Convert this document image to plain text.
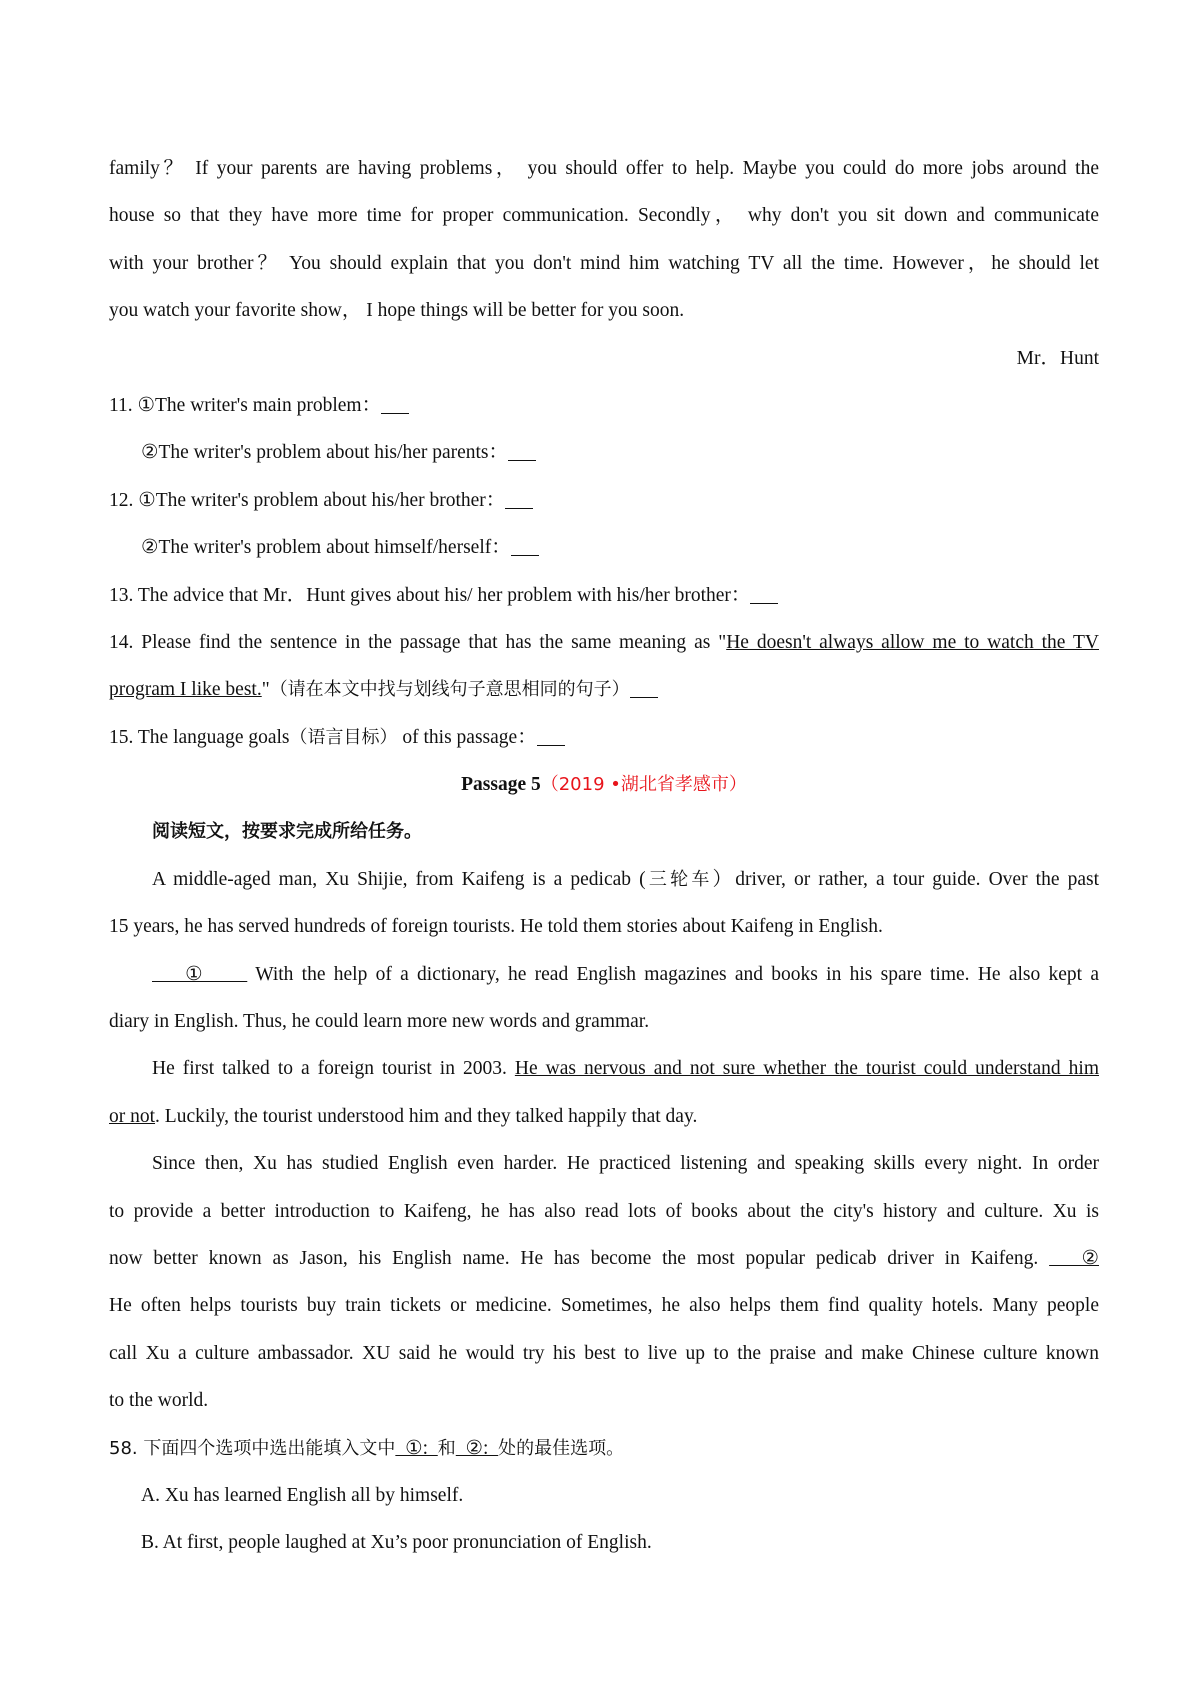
family？ If your parents are having problems， you should offer to help. Maybe you could do more jobs around the
house so that they have more time for proper communication. Secondly， why don't you sit down and communicate
with your brother？ You should explain that you don't mind him watching TV all the time. However，he should let
you watch your favorite show， I hope things will be better for you soon.
Mr．Hunt
11. ①The writer's main problem：
②The writer's problem about his/her parents：
12. ①The writer's problem about his/her brother：
②The writer's problem about himself/herself：
13. The advice that Mr．Hunt gives about his/ her problem with his/her brother：
14. Please find the sentence in the passage that has the same meaning as "He doesn't always allow me to watch the TV
program I like best."（请在本文中找与划线句子意思相同的句子）
15. The language goals（语言目标） of this passage：
Passage 5（2019 •湖北省孝感市）
阅读短文，按要求完成所给任务。
A middle-aged man, Xu Shijie, from Kaifeng is a pedicab (三轮车）driver, or rather, a tour guide. Over the past
15 years, he has served hundreds of foreign tourists. He told them stories about Kaifeng in English.
①      With the help of a dictionary, he read English magazines and books in his spare time. He also kept a
diary in English. Thus, he could learn more new words and grammar.
He first talked to a foreign tourist in 2003. He was nervous and not sure whether the tourist could understand him
or not. Luckily, the tourist understood him and they talked happily that day.
Since then, Xu has studied English even harder. He practiced listening and speaking skills every night. In order
to provide a better introduction to Kaifeng, he has also read lots of books about the city's history and culture. Xu is
now better known as Jason, his English name. He has become the most popular pedicab driver in Kaifeng.    ②
He often helps tourists buy train tickets or medicine. Sometimes, he also helps them find quality hotels. Many people
call Xu a culture ambassador. XU said he would try his best to live up to the praise and make Chinese culture known
to the world.
58. 下面四个选项中选出能填入文中  ①:  和  ②:  处的最佳选项。
A. Xu has learned English all by himself.
B. At first, people laughed at Xu’s poor pronunciation of English.
